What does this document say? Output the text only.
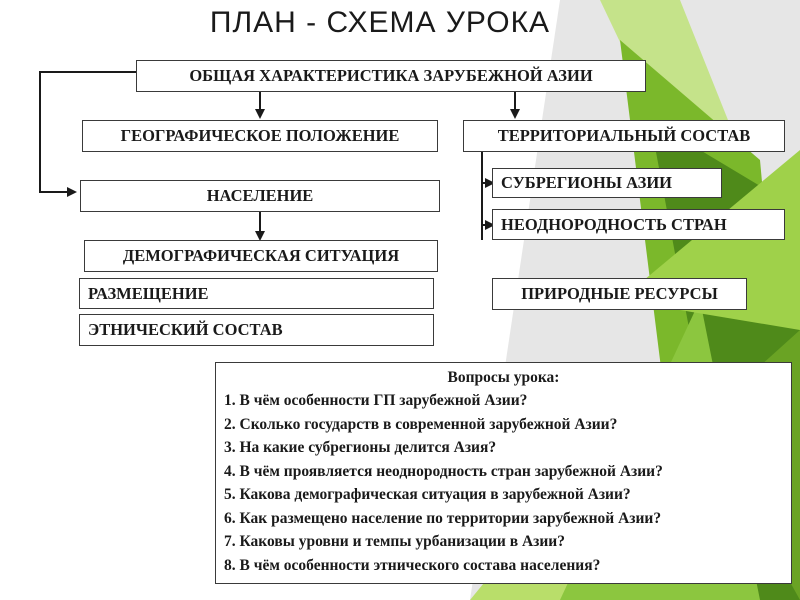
ПЛАН - СХЕМА УРОКА
ОБЩАЯ ХАРАКТЕРИСТИКА ЗАРУБЕЖНОЙ АЗИИ
ГЕОГРАФИЧЕСКОЕ ПОЛОЖЕНИЕ	ТЕРРИТОРИАЛЬНЫЙ СОСТАВ
СУБРЕГИОНЫ АЗИИ
НЕОДНОРОДНОСТЬ СТРАН
НАСЕЛЕНИЕ
ДЕМОГРАФИЧЕСКАЯ СИТУАЦИЯ
РАЗМЕЩЕНИЕ
ЭТНИЧЕСКИЙ СОСТАВ
ПРИРОДНЫЕ РЕСУРСЫ
Вопросы урока:
1. В чём особенности ГП зарубежной Азии?
2. Сколько государств в современной зарубежной Азии?
3. На какие субрегионы делится Азия?
4. В чём проявляется неоднородность стран зарубежной Азии?
5. Какова демографическая ситуация в зарубежной Азии?
6. Как размещено население по территории зарубежной Азии?
7. Каковы уровни и темпы урбанизации в Азии?
8. В чём особенности этнического состава населения?
